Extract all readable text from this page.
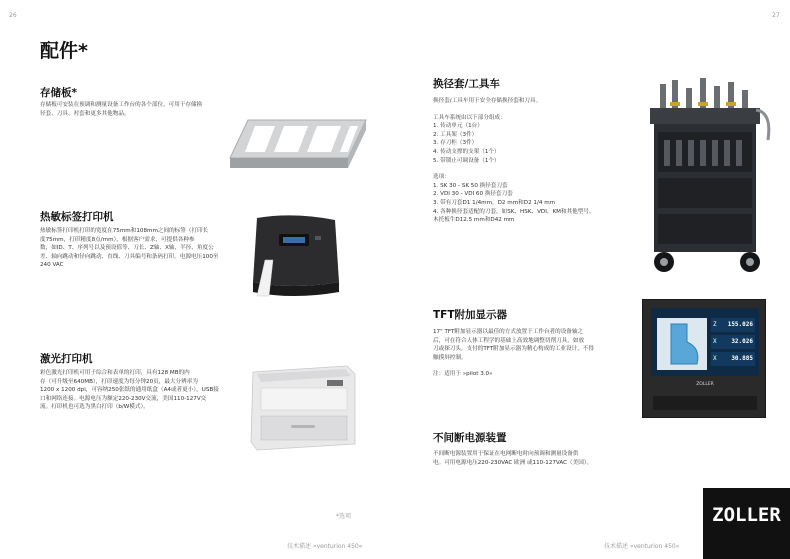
26	27
配件*
存储板*
存储板可安装在预调和测量设备工作台的各个部位，可用于存储换
径套、刀具、衬套和更多其他物品。
热敏标签打印机
热敏标签打印机打印的宽度在75mm和108mm之间的标签（打印长
度75mm，打印精度8点/mm），根据客户需求，可提供各种参
数，如ID、T、序列号以及预设值等、刀长、Z轴、X轴、半径、角度公
差、轴向跳动和径向跳动、直线、刀具编号和条码打印。电源电压100至
240 VAC
激光打印机
彩色激光打印机可用于综合和表单的打印，具有128 MB的内
存（可升级至640MB），打印速度为每分钟20页，最大分辨率为
1200 x 1200 dpi，可容纳250张纸的通用纸盒（A4或者更小），USB接
口和网络连接。电源电压为额定220-230V交流，美国110-127V交
流。打印机也可选为黑白打印（b/W模式）。
*选项
技术描述 »venturion 450«	技术描述 »venturion 450«
换径套/工具车
换径套/工具车用于安全存储换径套和刀具。
工具车系统由以下部分组成：
1. 传动单元（1台）
2. 工具架（3件）
3. 存刀柜（3件）
4. 传动支撑的支架（1个）
5. 带锁止可调设备（1个）
选项：
1. SK 30 - SK 50 换径套刀套
2. VDI 30 - VDI 60 换径套刀套
3. 带有刀套D1 1/4mm，D2 mm和D2 1/4 mm
4. 各种换径套适配的刀套，如SK、HSK、VDI、KM和其他型号。
木托板牛D12.5 mm和D42 mm
TFT附加显示器
17" TFT附加显示器以最佳的方式放置于工作台者的设备轴之
后，可在符合人体工程学的基础上高效地调整切削刀具，如放
刀或探刀头。支付的TFT附加显示器为精心构成的工业设计，不得
触摸屏控制。
注：适用于 »pilot 3.0«
Z 155.026
X 32.026
X 30.885
ZOLLER
不间断电源装置
不间断电源装置用于保证在电网断电时向预调和测量设备供
电。可用电源电压220-230VAC 欧洲 或110-127VAC（美国）。
ZOLLER
